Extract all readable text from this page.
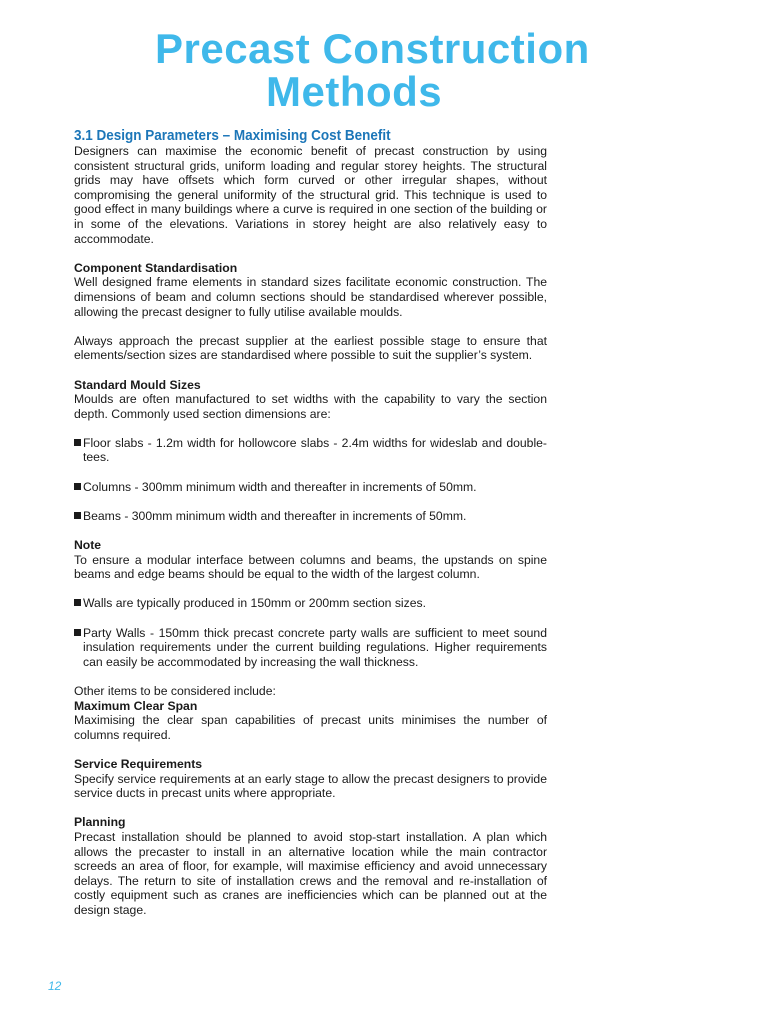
Precast Construction
Methods
3.1 Design Parameters – Maximising Cost Benefit

Designers can maximise the economic benefit of precast construction by using consistent structural grids, uniform loading and regular storey heights. The structural grids may have offsets which form curved or other irregular shapes, without compromising the general uniformity of the structural grid. This technique is used to good effect in many buildings where a curve is required in one section of the building or in some of the elevations. Variations in storey height are also relatively easy to accommodate.

Component Standardisation

Well designed frame elements in standard sizes facilitate economic construction. The dimensions of beam and column sections should be standardised wherever possible, allowing the precast designer to fully utilise available moulds.

Always approach the precast supplier at the earliest possible stage to ensure that elements/section sizes are standardised where possible to suit the supplier’s system.

Standard Mould Sizes

Moulds are often manufactured to set widths with the capability to vary the section depth. Commonly used section dimensions are:

Floor slabs - 1.2m width for hollowcore slabs - 2.4m widths for wideslab and double-tees.

Columns - 300mm minimum width and thereafter in increments of 50mm.

Beams - 300mm minimum width and thereafter in increments of 50mm.

Note

To ensure a modular interface between columns and beams, the upstands on spine beams and edge beams should be equal to the width of the largest column.

Walls are typically produced in 150mm or 200mm section sizes.

Party Walls - 150mm thick precast concrete party walls are sufficient to meet sound insulation requirements under the current building regulations. Higher requirements can easily be accommodated by increasing the wall thickness.

Other items to be considered include:

Maximum Clear Span

Maximising the clear span capabilities of precast units minimises the number of columns required.

Service Requirements

Specify service requirements at an early stage to allow the precast designers to provide service ducts in precast units where appropriate.

Planning

Precast installation should be planned to avoid stop-start installation. A plan which allows the precaster to install in an alternative location while the main contractor screeds an area of floor, for example, will maximise efficiency and avoid unnecessary delays. The return to site of installation crews and the removal and re-installation of costly equipment such as cranes are inefficiencies which can be planned out at the design stage.

12
